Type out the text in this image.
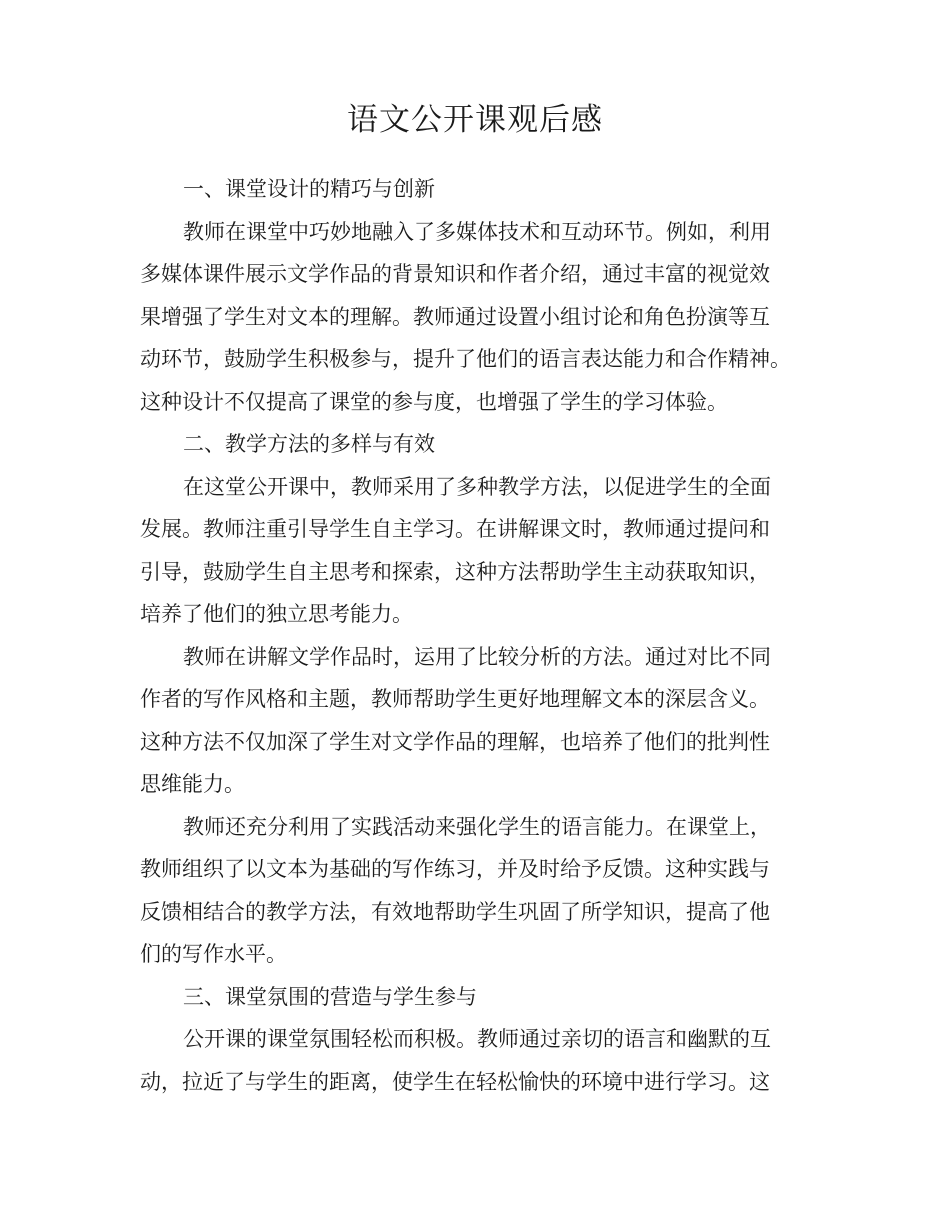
语文公开课观后感
一、课堂设计的精巧与创新
教师在课堂中巧妙地融入了多媒体技术和互动环节。例如，利用
多媒体课件展示文学作品的背景知识和作者介绍，通过丰富的视觉效
果增强了学生对文本的理解。教师通过设置小组讨论和角色扮演等互
动环节，鼓励学生积极参与，提升了他们的语言表达能力和合作精神。
这种设计不仅提高了课堂的参与度，也增强了学生的学习体验。
二、教学方法的多样与有效
在这堂公开课中，教师采用了多种教学方法，以促进学生的全面
发展。教师注重引导学生自主学习。在讲解课文时，教师通过提问和
引导，鼓励学生自主思考和探索，这种方法帮助学生主动获取知识，
培养了他们的独立思考能力。
教师在讲解文学作品时，运用了比较分析的方法。通过对比不同
作者的写作风格和主题，教师帮助学生更好地理解文本的深层含义。
这种方法不仅加深了学生对文学作品的理解，也培养了他们的批判性
思维能力。
教师还充分利用了实践活动来强化学生的语言能力。在课堂上，
教师组织了以文本为基础的写作练习，并及时给予反馈。这种实践与
反馈相结合的教学方法，有效地帮助学生巩固了所学知识，提高了他
们的写作水平。
三、课堂氛围的营造与学生参与
公开课的课堂氛围轻松而积极。教师通过亲切的语言和幽默的互
动，拉近了与学生的距离，使学生在轻松愉快的环境中进行学习。这
